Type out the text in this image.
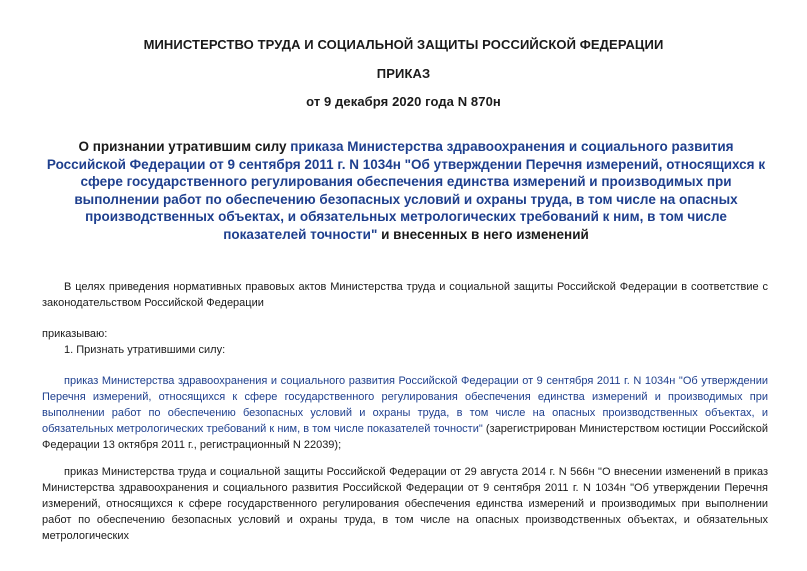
МИНИСТЕРСТВО ТРУДА И СОЦИАЛЬНОЙ ЗАЩИТЫ РОССИЙСКОЙ ФЕДЕРАЦИИ
ПРИКАЗ
от 9 декабря 2020 года N 870н
О признании утратившим силу приказа Министерства здравоохранения и социального развития Российской Федерации от 9 сентября 2011 г. N 1034н "Об утверждении Перечня измерений, относящихся к сфере государственного регулирования обеспечения единства измерений и производимых при выполнении работ по обеспечению безопасных условий и охраны труда, в том числе на опасных производственных объектах, и обязательных метрологических требований к ним, в том числе показателей точности" и внесенных в него изменений
В целях приведения нормативных правовых актов Министерства труда и социальной защиты Российской Федерации в соответствие с законодательством Российской Федерации
приказываю:
1. Признать утратившими силу:
приказ Министерства здравоохранения и социального развития Российской Федерации от 9 сентября 2011 г. N 1034н "Об утверждении Перечня измерений, относящихся к сфере государственного регулирования обеспечения единства измерений и производимых при выполнении работ по обеспечению безопасных условий и охраны труда, в том числе на опасных производственных объектах, и обязательных метрологических требований к ним, в том числе показателей точности" (зарегистрирован Министерством юстиции Российской Федерации 13 октября 2011 г., регистрационный N 22039);
приказ Министерства труда и социальной защиты Российской Федерации от 29 августа 2014 г. N 566н "О внесении изменений в приказ Министерства здравоохранения и социального развития Российской Федерации от 9 сентября 2011 г. N 1034н "Об утверждении Перечня измерений, относящихся к сфере государственного регулирования обеспечения единства измерений и производимых при выполнении работ по обеспечению безопасных условий и охраны труда, в том числе на опасных производственных объектах, и обязательных метрологических
